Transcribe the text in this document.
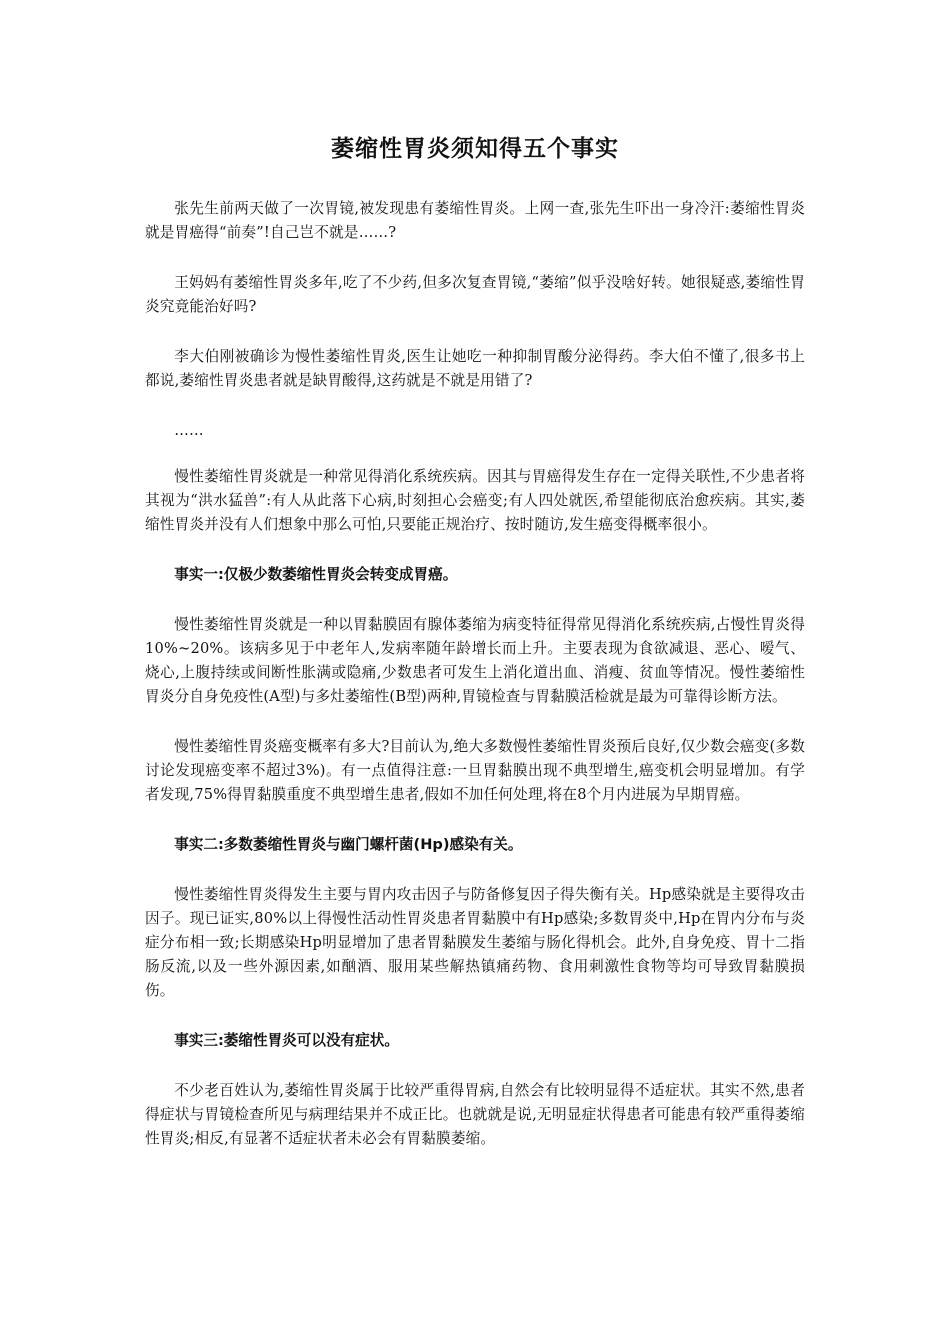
萎缩性胃炎须知得五个事实

张先生前两天做了一次胃镜,被发现患有萎缩性胃炎。上网一查,张先生吓出一身冷汗:萎缩性胃炎就是胃癌得“前奏”!自己岂不就是……?

王妈妈有萎缩性胃炎多年,吃了不少药,但多次复查胃镜,“萎缩”似乎没啥好转。她很疑惑,萎缩性胃炎究竟能治好吗?

李大伯刚被确诊为慢性萎缩性胃炎,医生让她吃一种抑制胃酸分泌得药。李大伯不懂了,很多书上都说,萎缩性胃炎患者就是缺胃酸得,这药就是不就是用错了?

……

慢性萎缩性胃炎就是一种常见得消化系统疾病。因其与胃癌得发生存在一定得关联性,不少患者将其视为“洪水猛兽”:有人从此落下心病,时刻担心会癌变;有人四处就医,希望能彻底治愈疾病。其实,萎缩性胃炎并没有人们想象中那么可怕,只要能正规治疗、按时随访,发生癌变得概率很小。

事实一:仅极少数萎缩性胃炎会转变成胃癌。

慢性萎缩性胃炎就是一种以胃黏膜固有腺体萎缩为病变特征得常见得消化系统疾病,占慢性胃炎得10%~20%。该病多见于中老年人,发病率随年龄增长而上升。主要表现为食欲减退、恶心、嗳气、烧心,上腹持续或间断性胀满或隐痛,少数患者可发生上消化道出血、消瘦、贫血等情况。慢性萎缩性胃炎分自身免疫性(A型)与多灶萎缩性(B型)两种,胃镜检查与胃黏膜活检就是最为可靠得诊断方法。

慢性萎缩性胃炎癌变概率有多大?目前认为,绝大多数慢性萎缩性胃炎预后良好,仅少数会癌变(多数讨论发现癌变率不超过3%)。有一点值得注意:一旦胃黏膜出现不典型增生,癌变机会明显增加。有学者发现,75%得胃黏膜重度不典型增生患者,假如不加任何处理,将在8个月内进展为早期胃癌。

事实二:多数萎缩性胃炎与幽门螺杆菌(Hp)感染有关。

慢性萎缩性胃炎得发生主要与胃内攻击因子与防备修复因子得失衡有关。Hp感染就是主要得攻击因子。现已证实,80%以上得慢性活动性胃炎患者胃黏膜中有Hp感染;多数胃炎中,Hp在胃内分布与炎症分布相一致;长期感染Hp明显增加了患者胃黏膜发生萎缩与肠化得机会。此外,自身免疫、胃十二指肠反流,以及一些外源因素,如酗酒、服用某些解热镇痛药物、食用刺激性食物等均可导致胃黏膜损伤。

事实三:萎缩性胃炎可以没有症状。

不少老百姓认为,萎缩性胃炎属于比较严重得胃病,自然会有比较明显得不适症状。其实不然,患者得症状与胃镜检查所见与病理结果并不成正比。也就就是说,无明显症状得患者可能患有较严重得萎缩性胃炎;相反,有显著不适症状者未必会有胃黏膜萎缩。
